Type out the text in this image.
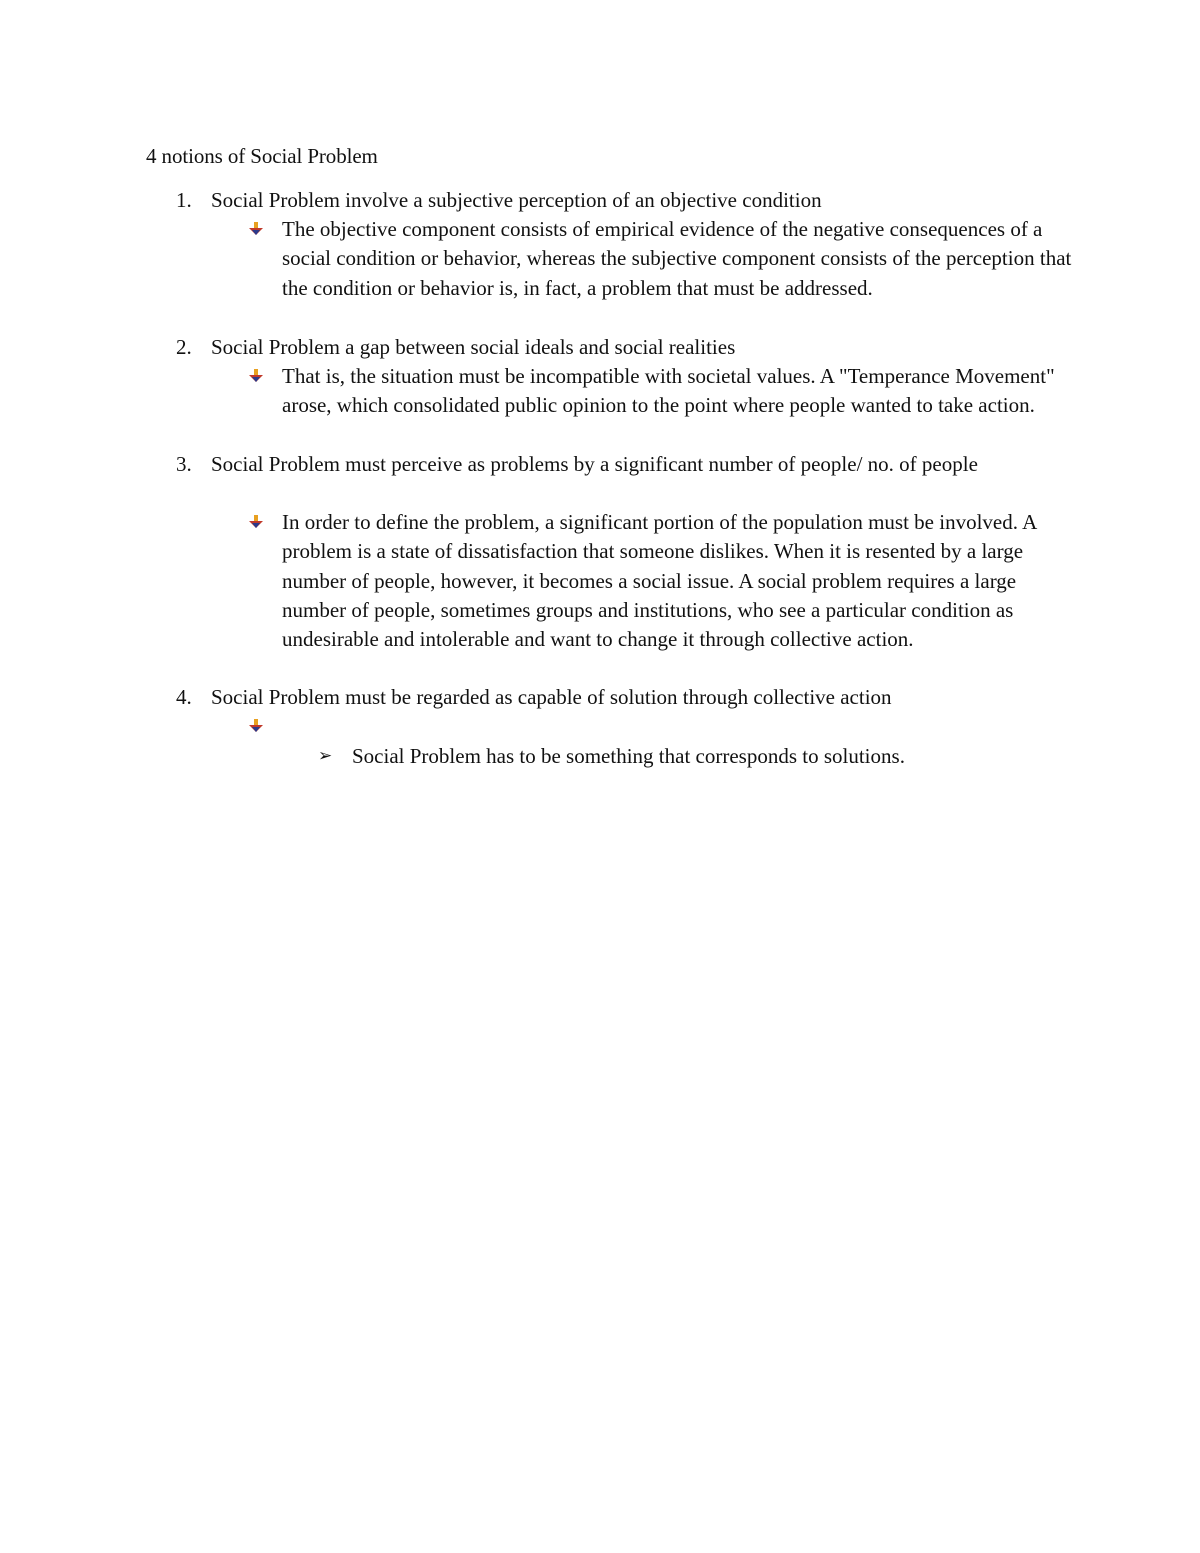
4 notions of Social Problem
1. Social Problem involve a subjective perception of an objective condition
The objective component consists of empirical evidence of the negative consequences of a social condition or behavior, whereas the subjective component consists of the perception that the condition or behavior is, in fact, a problem that must be addressed.
2. Social Problem a gap between social ideals and social realities
That is, the situation must be incompatible with societal values. A "Temperance Movement" arose, which consolidated public opinion to the point where people wanted to take action.
3. Social Problem must perceive as problems by a significant number of people/ no. of people
In order to define the problem, a significant portion of the population must be involved. A problem is a state of dissatisfaction that someone dislikes. When it is resented by a large number of people, however, it becomes a social issue. A social problem requires a large number of people, sometimes groups and institutions, who see a particular condition as undesirable and intolerable and want to change it through collective action.
4. Social Problem must be regarded as capable of solution through collective action
➢ Social Problem has to be something that corresponds to solutions.
